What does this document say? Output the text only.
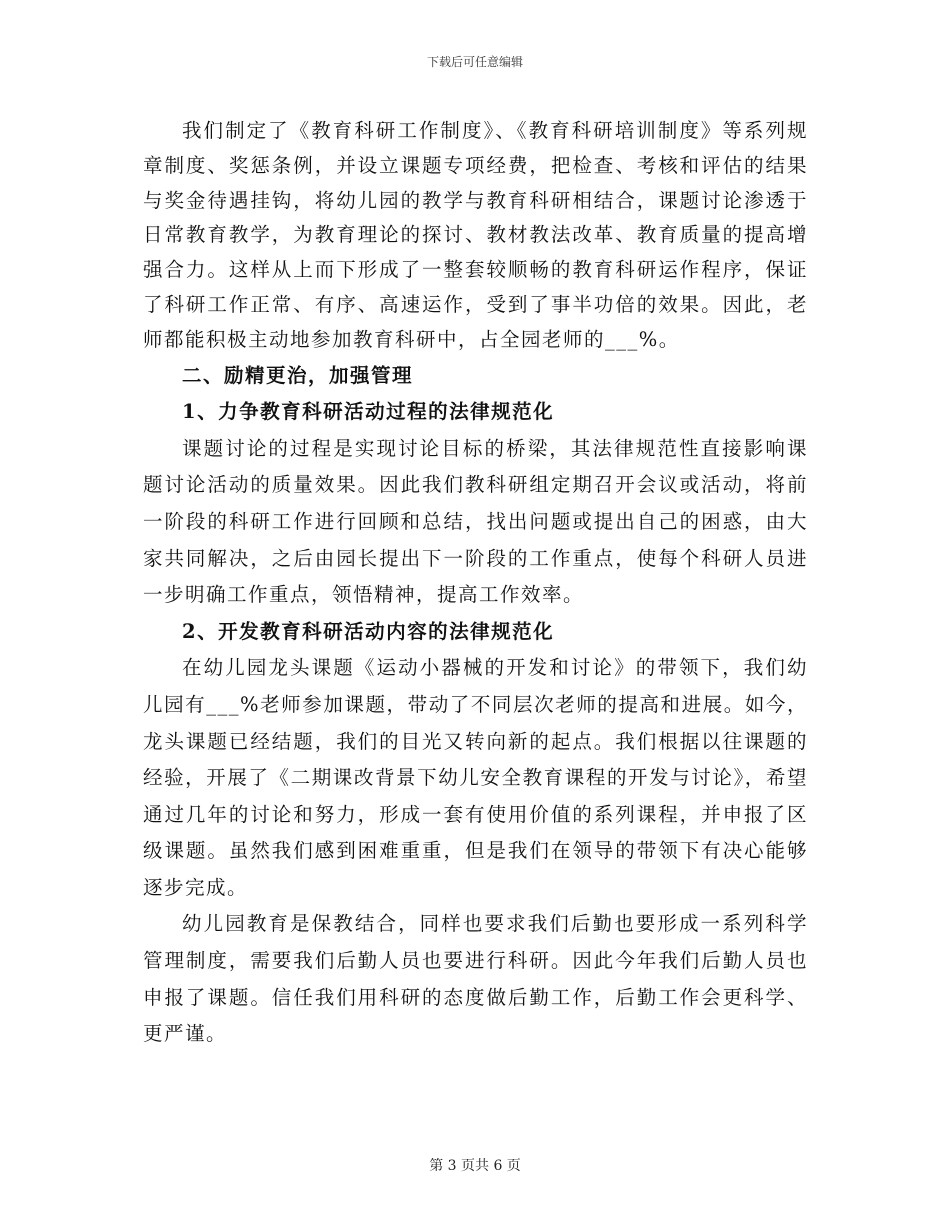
下载后可任意编辑

我们制定了《教育科研工作制度》、《教育科研培训制度》等系列规章制度、奖惩条例，并设立课题专项经费，把检查、考核和评估的结果与奖金待遇挂钩，将幼儿园的教学与教育科研相结合，课题讨论渗透于日常教育教学，为教育理论的探讨、教材教法改革、教育质量的提高增强合力。这样从上而下形成了一整套较顺畅的教育科研运作程序，保证了科研工作正常、有序、高速运作，受到了事半功倍的效果。因此，老师都能积极主动地参加教育科研中，占全园老师的___%。

二、励精更治，加强管理
1、力争教育科研活动过程的法律规范化

课题讨论的过程是实现讨论目标的桥梁，其法律规范性直接影响课题讨论活动的质量效果。因此我们教科研组定期召开会议或活动，将前一阶段的科研工作进行回顾和总结，找出问题或提出自己的困惑，由大家共同解决，之后由园长提出下一阶段的工作重点，使每个科研人员进一步明确工作重点，领悟精神，提高工作效率。

2、开发教育科研活动内容的法律规范化

在幼儿园龙头课题《运动小器械的开发和讨论》的带领下，我们幼儿园有___%老师参加课题，带动了不同层次老师的提高和进展。如今，龙头课题已经结题，我们的目光又转向新的起点。我们根据以往课题的经验，开展了《二期课改背景下幼儿安全教育课程的开发与讨论》，希望通过几年的讨论和努力，形成一套有使用价值的系列课程，并申报了区级课题。虽然我们感到困难重重，但是我们在领导的带领下有决心能够逐步完成。

幼儿园教育是保教结合，同样也要求我们后勤也要形成一系列科学管理制度，需要我们后勤人员也要进行科研。因此今年我们后勤人员也申报了课题。信任我们用科研的态度做后勤工作，后勤工作会更科学、更严谨。

第 3 页共 6 页
